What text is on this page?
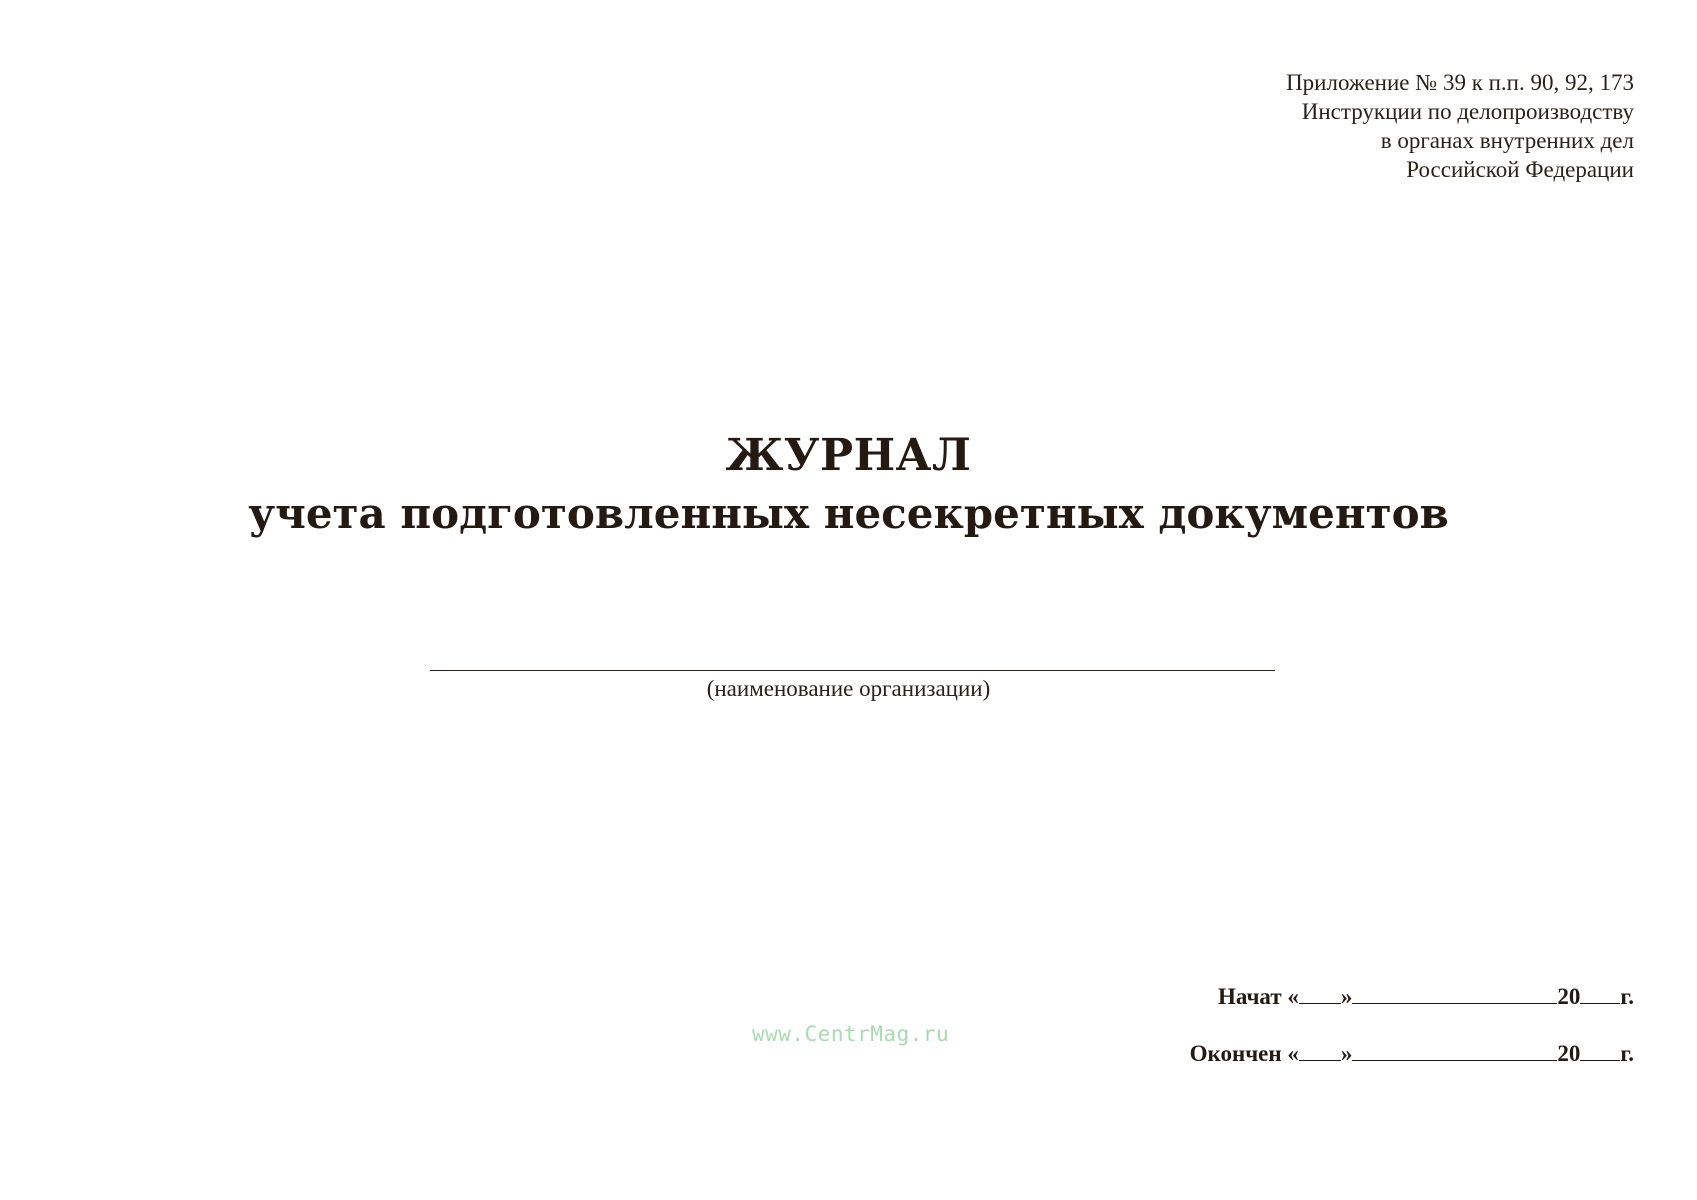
Приложение № 39 к п.п. 90, 92, 173
Инструкции по делопроизводству
в органах внутренних дел
Российской Федерации
ЖУРНАЛ
учета подготовленных несекретных документов
(наименование организации)
Начат « »	20 г.
Окончен « »	20 г.
www.CentrMag.ru
